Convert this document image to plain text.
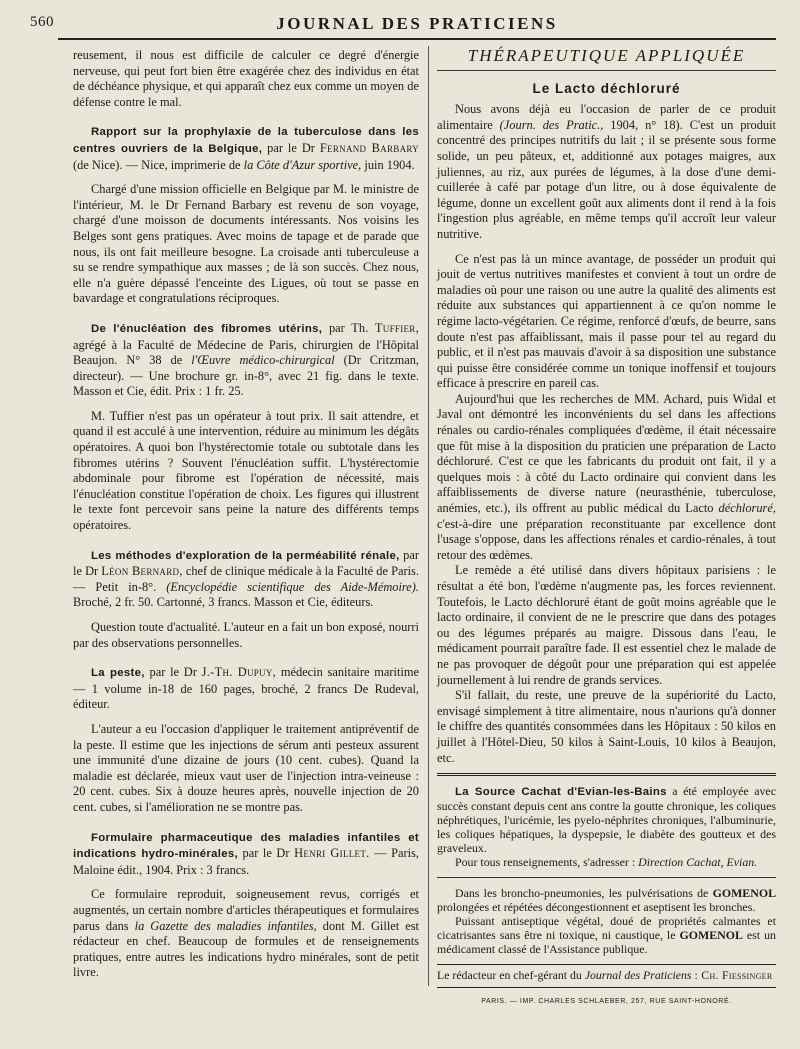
JOURNAL DES PRATICIENS
560

reusement, il nous est difficile de calculer ce degré d'énergie nerveuse, qui peut fort bien être exagérée chez des individus en état de déchéance physique, et qui apparaît chez eux comme un moyen de défense contre le mal.

Rapport sur la prophylaxie de la tuberculose dans les centres ouvriers de la Belgique, par le Dr Fernand Barbary (de Nice). — Nice, imprimerie de la Côte d'Azur sportive, juin 1904.

Chargé d'une mission officielle en Belgique par M. le ministre de l'intérieur, M. le Dr Fernand Barbary est revenu de son voyage, chargé d'une moisson de documents intéressants. Nos voisins les Belges sont gens pratiques. Avec moins de tapage et de parade que nous, ils ont fait meilleure besogne. La croisade anti tuberculeuse a su se rendre sympathique aux masses ; de là son succès. Chez nous, elle n'a guère dépassé l'enceinte des Ligues, où tout se passe en bavardage et congratulations réciproques.

De l'énucléation des fibromes utérins, par Th. Tuffier, agrégé à la Faculté de Médecine de Paris, chirurgien de l'Hôpital Beaujon. N° 38 de l'Œuvre médico-chirurgical (Dr Critzman, directeur). — Une brochure gr. in-8°, avec 21 fig. dans le texte. Masson et Cie, édit. Prix : 1 fr. 25.

M. Tuffier n'est pas un opérateur à tout prix. Il sait attendre, et quand il est acculé à une intervention, réduire au minimum les dégâts opératoires. A quoi bon l'hystérectomie totale ou subtotale dans les fibromes utérins ? Souvent l'énucléation suffit. L'hystérectomie abdominale pour fibrome est l'opération de nécessité, mais l'énucléation constitue l'opération de choix. Les figures qui illustrent le texte font percevoir sans peine la nature des différents temps opératoires.

Les méthodes d'exploration de la perméabilité rénale, par le Dr Léon Bernard, chef de clinique médicale à la Faculté de Paris. — Petit in-8°. (Encyclopédie scientifique des Aide-Mémoire). Broché, 2 fr. 50. Cartonné, 3 francs. Masson et Cie, éditeurs.

Question toute d'actualité. L'auteur en a fait un bon exposé, nourri par des observations personnelles.

La peste, par le Dr J.-Th. Dupuy, médecin sanitaire maritime — 1 volume in-18 de 160 pages, broché, 2 francs De Rudeval, éditeur.

L'auteur a eu l'occasion d'appliquer le traitement antipréventif de la peste. Il estime que les injections de sérum anti pesteux assurent une immunité d'une dizaine de jours (10 cent. cubes). Quand la maladie est déclarée, mieux vaut user de l'injection intra-veineuse : 20 cent. cubes. Six à douze heures après, nouvelle injection de 20 cent. cubes, si l'amélioration ne se montre pas.

Formulaire pharmaceutique des maladies infantiles et indications hydro-minérales, par le Dr Henri Gillet. — Paris, Maloine édit., 1904. Prix : 3 francs.

Ce formulaire reproduit, soigneusement revus, corrigés et augmentés, un certain nombre d'articles thérapeutiques et formulaires parus dans la Gazette des maladies infantiles, dont M. Gillet est rédacteur en chef. Beaucoup de formules et de renseignements pratiques, entre autres les indications hydro minérales, sont de petit livre.

THÉRAPEUTIQUE APPLIQUÉE
Le Lacto déchloruré

Nous avons déjà eu l'occasion de parler de ce produit alimentaire (Journ. des Pratic., 1904, n° 18). C'est un produit concentré des principes nutritifs du lait ; il se présente sous forme solide, un peu pâteux, et, additionné aux potages maigres, aux juliennes, au riz, aux purées de légumes, à la dose d'une demi-cuillerée à café par potage d'un litre, ou à dose équivalente de légume, donne un excellent goût aux aliments dont il rend à la fois l'ingestion plus agréable, en même temps qu'il accroît leur valeur nutritive.

Ce n'est pas là un mince avantage, de posséder un produit qui jouit de vertus nutritives manifestes et convient à tout un ordre de maladies où pour une raison ou une autre la qualité des aliments est réduite aux substances qui appartiennent à ce qu'on nomme le régime lacto-végétarien. Ce régime, renforcé d'œufs, de beurre, sans doute n'est pas affaiblissant, mais il passe pour tel au regard du public, et il n'est pas mauvais d'avoir à sa disposition une substance qui puisse être considérée comme un tonique inoffensif et toujours efficace à prescrire en pareil cas.

Aujourd'hui que les recherches de MM. Achard, puis Widal et Javal ont démontré les inconvénients du sel dans les affections rénales ou cardio-rénales compliquées d'œdème, il était nécessaire que fût mise à la disposition du praticien une préparation de Lacto déchloruré. C'est ce que les fabricants du produit ont fait, il y a quelques mois : à côté du Lacto ordinaire qui convient dans les affaiblissements de diverse nature (neurasthénie, tuberculose, anémies, etc.), ils offrent au public médical du Lacto déchloruré, c'est-à-dire une préparation reconstituante par excellence dont l'usage s'oppose, dans les affections rénales et cardio-rénales, à tout retour des œdèmes.

Le remède a été utilisé dans divers hôpitaux parisiens : le résultat a été bon, l'œdème n'augmente pas, les forces reviennent. Toutefois, le Lacto déchloruré étant de goût moins agréable que le lacto ordinaire, il convient de ne le prescrire que dans des potages ou des légumes préparés au maigre. Dissous dans l'eau, le médicament pourrait paraître fade. Il est essentiel chez le malade de ne pas provoquer de dégoût pour une préparation qui est appelée journellement à lui rendre de grands services.

S'il fallait, du reste, une preuve de la supériorité du Lacto, envisagé simplement à titre alimentaire, nous n'aurions qu'à donner le chiffre des quantités consommées dans les Hôpitaux : 50 kilos en juillet à l'Hôtel-Dieu, 50 kilos à Saint-Louis, 10 kilos à Beaujon, etc.

La Source Cachat d'Evian-les-Bains a été employée avec succès constant depuis cent ans contre la goutte chronique, les coliques néphrétiques, l'uricémie, les pyelo-néphrites chroniques, l'albuminurie, les coliques hépatiques, la dyspepsie, le diabète des goutteux et des graveleux.

Pour tous renseignements, s'adresser : Direction Cachat, Evian.

Dans les broncho-pneumonies, les pulvérisations de GOMENOL prolongées et répétées décongestionnent et aseptisent les bronches.

Puissant antiseptique végétal, doué de propriétés calmantes et cicatrisantes sans être ni toxique, ni caustique, le GOMENOL est un médicament classé de l'Assistance publique.

Le rédacteur en chef-gérant du Journal des Praticiens : Ch. Fiessinger
PARIS. — IMP. CHARLES SCHLAEBER, 257, RUE SAINT-HONORÉ.
